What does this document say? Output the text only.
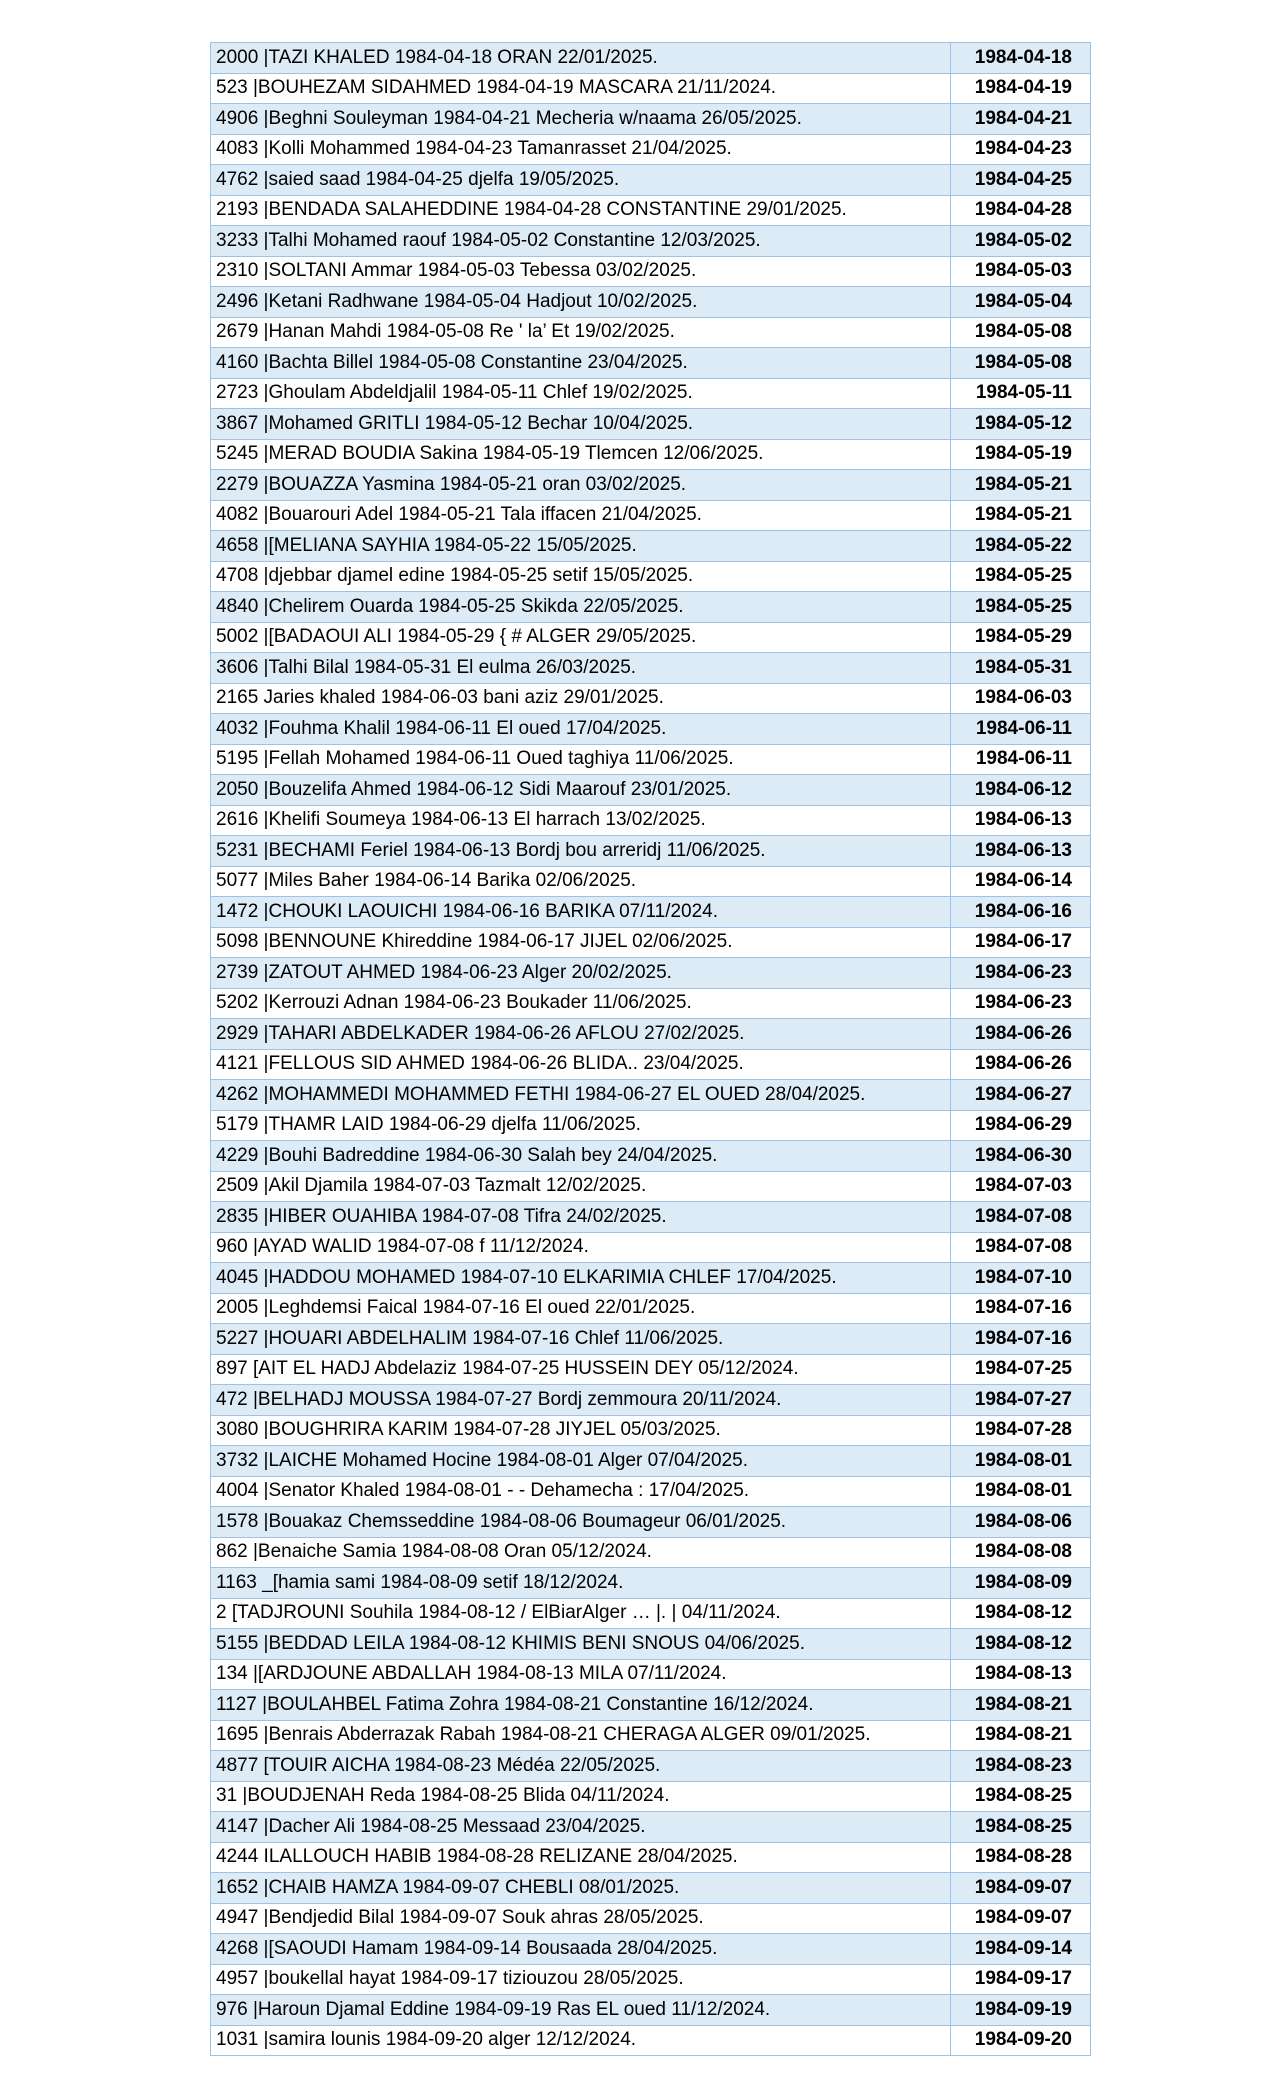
2000 |TAZI KHALED 1984-04-18 ORAN 22/01/2025.	1984-04-18
523 |BOUHEZAM SIDAHMED 1984-04-19 MASCARA 21/11/2024.	1984-04-19
4906 |Beghni Souleyman 1984-04-21 Mecheria w/naama 26/05/2025.	1984-04-21
4083 |Kolli Mohammed 1984-04-23 Tamanrasset 21/04/2025.	1984-04-23
4762 |saied saad 1984-04-25 djelfa 19/05/2025.	1984-04-25
2193 |BENDADA SALAHEDDINE 1984-04-28 CONSTANTINE 29/01/2025.	1984-04-28
3233 |Talhi Mohamed raouf 1984-05-02 Constantine 12/03/2025.	1984-05-02
2310 |SOLTANI Ammar 1984-05-03 Tebessa 03/02/2025.	1984-05-03
2496 |Ketani Radhwane 1984-05-04 Hadjout 10/02/2025.	1984-05-04
2679 |Hanan Mahdi 1984-05-08 Re ' la’ Et 19/02/2025.	1984-05-08
4160 |Bachta Billel 1984-05-08 Constantine 23/04/2025.	1984-05-08
2723 |Ghoulam Abdeldjalil 1984-05-11 Chlef 19/02/2025.	1984-05-11
3867 |Mohamed GRITLI 1984-05-12 Bechar 10/04/2025.	1984-05-12
5245 |MERAD BOUDIA Sakina 1984-05-19 Tlemcen 12/06/2025.	1984-05-19
2279 |BOUAZZA Yasmina 1984-05-21 oran 03/02/2025.	1984-05-21
4082 |Bouarouri Adel 1984-05-21 Tala iffacen 21/04/2025.	1984-05-21
4658 |[MELIANA SAYHIA 1984-05-22 15/05/2025.	1984-05-22
4708 |djebbar djamel edine 1984-05-25 setif 15/05/2025.	1984-05-25
4840 |Chelirem Ouarda 1984-05-25 Skikda 22/05/2025.	1984-05-25
5002 |[BADAOUI ALI 1984-05-29 { # ALGER 29/05/2025.	1984-05-29
3606 |Talhi Bilal 1984-05-31 El eulma 26/03/2025.	1984-05-31
2165 Jaries khaled 1984-06-03 bani aziz 29/01/2025.	1984-06-03
4032 |Fouhma Khalil 1984-06-11 El oued 17/04/2025.	1984-06-11
5195 |Fellah Mohamed 1984-06-11 Oued taghiya 11/06/2025.	1984-06-11
2050 |Bouzelifa Ahmed 1984-06-12 Sidi Maarouf 23/01/2025.	1984-06-12
2616 |Khelifi Soumeya 1984-06-13 El harrach 13/02/2025.	1984-06-13
5231 |BECHAMI Feriel 1984-06-13 Bordj bou arreridj 11/06/2025.	1984-06-13
5077 |Miles Baher 1984-06-14 Barika 02/06/2025.	1984-06-14
1472 |CHOUKI LAOUICHI 1984-06-16 BARIKA 07/11/2024.	1984-06-16
5098 |BENNOUNE Khireddine 1984-06-17 JIJEL 02/06/2025.	1984-06-17
2739 |ZATOUT AHMED 1984-06-23 Alger 20/02/2025.	1984-06-23
5202 |Kerrouzi Adnan 1984-06-23 Boukader 11/06/2025.	1984-06-23
2929 |TAHARI ABDELKADER 1984-06-26 AFLOU 27/02/2025.	1984-06-26
4121 |FELLOUS SID AHMED 1984-06-26 BLIDA.. 23/04/2025.	1984-06-26
4262 |MOHAMMEDI MOHAMMED FETHI 1984-06-27 EL OUED 28/04/2025.	1984-06-27
5179 |THAMR LAID 1984-06-29 djelfa 11/06/2025.	1984-06-29
4229 |Bouhi Badreddine 1984-06-30 Salah bey 24/04/2025.	1984-06-30
2509 |Akil Djamila 1984-07-03 Tazmalt 12/02/2025.	1984-07-03
2835 |HIBER OUAHIBA 1984-07-08 Tifra 24/02/2025.	1984-07-08
960 |AYAD WALID 1984-07-08 f 11/12/2024.	1984-07-08
4045 |HADDOU MOHAMED 1984-07-10 ELKARIMIA CHLEF 17/04/2025.	1984-07-10
2005 |Leghdemsi Faical 1984-07-16 El oued 22/01/2025.	1984-07-16
5227 |HOUARI ABDELHALIM 1984-07-16 Chlef 11/06/2025.	1984-07-16
897 [AIT EL HADJ Abdelaziz 1984-07-25 HUSSEIN DEY 05/12/2024.	1984-07-25
472 |BELHADJ MOUSSA 1984-07-27 Bordj zemmoura 20/11/2024.	1984-07-27
3080 |BOUGHRIRA KARIM 1984-07-28 JIYJEL 05/03/2025.	1984-07-28
3732 |LAICHE Mohamed Hocine 1984-08-01 Alger 07/04/2025.	1984-08-01
4004 |Senator Khaled 1984-08-01 - - Dehamecha : 17/04/2025.	1984-08-01
1578 |Bouakaz Chemsseddine 1984-08-06 Boumageur 06/01/2025.	1984-08-06
862 |Benaiche Samia 1984-08-08 Oran 05/12/2024.	1984-08-08
1163 _[hamia sami 1984-08-09 setif 18/12/2024.	1984-08-09
2 [TADJROUNI Souhila 1984-08-12 / ElBiarAlger … |. | 04/11/2024.	1984-08-12
5155 |BEDDAD LEILA 1984-08-12 KHIMIS BENI SNOUS 04/06/2025.	1984-08-12
134 |[ARDJOUNE ABDALLAH 1984-08-13 MILA 07/11/2024.	1984-08-13
1127 |BOULAHBEL Fatima Zohra 1984-08-21 Constantine 16/12/2024.	1984-08-21
1695 |Benrais Abderrazak Rabah 1984-08-21 CHERAGA ALGER 09/01/2025.	1984-08-21
4877 [TOUIR AICHA 1984-08-23 Médéa 22/05/2025.	1984-08-23
31 |BOUDJENAH Reda 1984-08-25 Blida 04/11/2024.	1984-08-25
4147 |Dacher Ali 1984-08-25 Messaad 23/04/2025.	1984-08-25
4244 ILALLOUCH HABIB 1984-08-28 RELIZANE 28/04/2025.	1984-08-28
1652 |CHAIB HAMZA 1984-09-07 CHEBLI 08/01/2025.	1984-09-07
4947 |Bendjedid Bilal 1984-09-07 Souk ahras 28/05/2025.	1984-09-07
4268 |[SAOUDI Hamam 1984-09-14 Bousaada 28/04/2025.	1984-09-14
4957 |boukellal hayat 1984-09-17 tiziouzou 28/05/2025.	1984-09-17
976 |Haroun Djamal Eddine 1984-09-19 Ras EL oued 11/12/2024.	1984-09-19
1031 |samira lounis 1984-09-20 alger 12/12/2024.	1984-09-20
